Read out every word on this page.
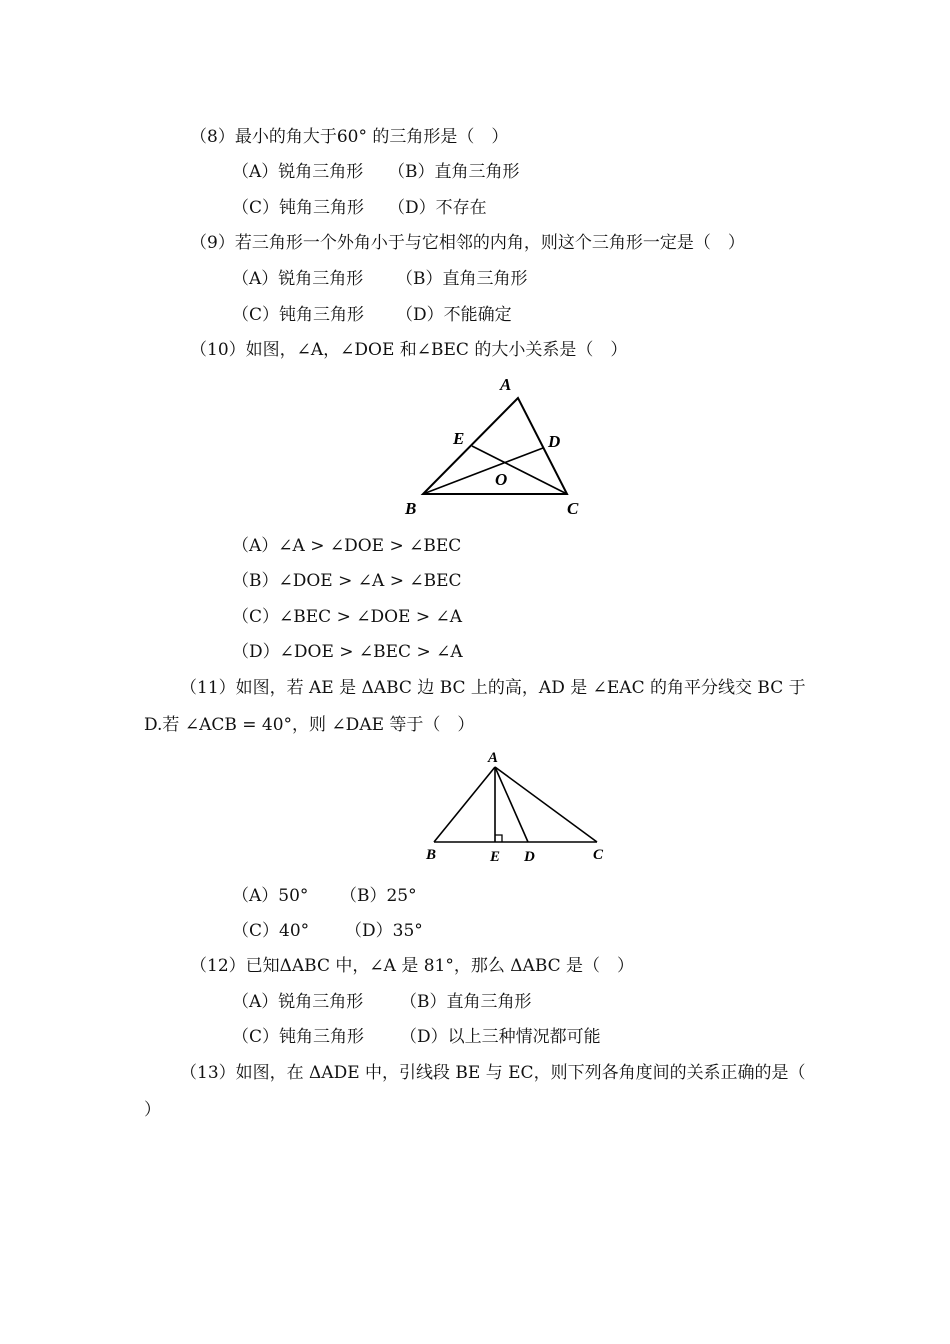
（8）最小的角大于60° 的三角形是（　）
（A）锐角三角形 （B）直角三角形
（C）钝角三角形 （D）不存在
（9）若三角形一个外角小于与它相邻的内角，则这个三角形一定是（　）
（A）锐角三角形 （B）直角三角形
（C）钝角三角形 （D）不能确定
（10）如图，∠A，∠DOE 和∠BEC 的大小关系是（　）
A
E	D
O
B	C
（A）∠A > ∠DOE > ∠BEC
（B）∠DOE > ∠A > ∠BEC
（C）∠BEC > ∠DOE > ∠A
（D）∠DOE > ∠BEC > ∠A
（11）如图，若 AE 是 ΔABC 边 BC 上的高，AD 是 ∠EAC 的角平分线交 BC 于
D.若 ∠ACB = 40°，则 ∠DAE 等于（　）
A
B	E D	C
（A）50° （B）25°
（C）40° （D）35°
（12）已知ΔABC 中，∠A 是 81°，那么 ΔABC 是（　）
（A）锐角三角形 （B）直角三角形
（C）钝角三角形 （D）以上三种情况都可能
（13）如图，在 ΔADE 中，引线段 BE 与 EC，则下列各角度间的关系正确的是（
）
